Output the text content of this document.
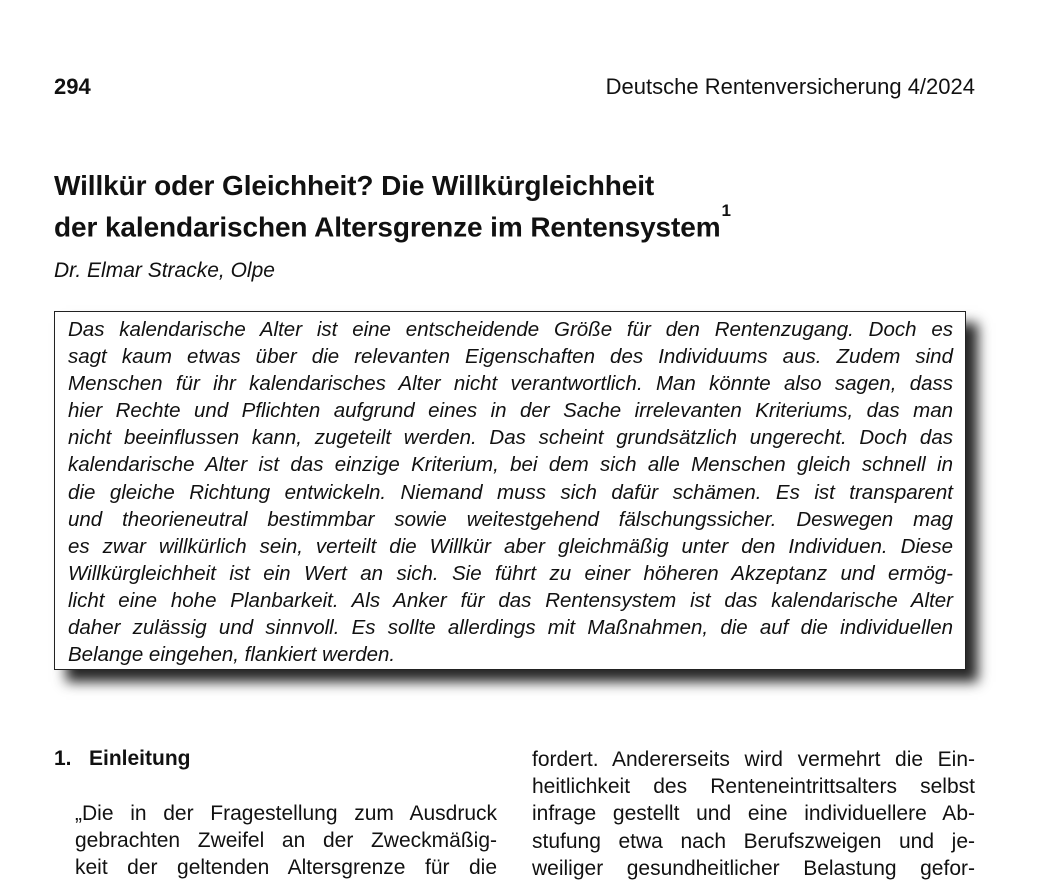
294	Deutsche Rentenversicherung 4/2024
Willkür oder Gleichheit? Die Willkürgleichheit
der kalendarischen Altersgrenze im Rentensystem$^1$
Dr. Elmar Stracke, Olpe
Das kalendarische Alter ist eine entscheidende Größe für den Rentenzugang. Doch es
sagt kaum etwas über die relevanten Eigenschaften des Individuums aus. Zudem sind
Menschen für ihr kalendarisches Alter nicht verantwortlich. Man könnte also sagen, dass
hier Rechte und Pflichten aufgrund eines in der Sache irrelevanten Kriteriums, das man
nicht beeinflussen kann, zugeteilt werden. Das scheint grundsätzlich ungerecht. Doch das
kalendarische Alter ist das einzige Kriterium, bei dem sich alle Menschen gleich schnell in
die gleiche Richtung entwickeln. Niemand muss sich dafür schämen. Es ist transparent
und theorieneutral bestimmbar sowie weitestgehend fälschungssicher. Deswegen mag
es zwar willkürlich sein, verteilt die Willkür aber gleichmäßig unter den Individuen. Diese
Willkürgleichheit ist ein Wert an sich. Sie führt zu einer höheren Akzeptanz und ermög-
licht eine hohe Planbarkeit. Als Anker für das Rentensystem ist das kalendarische Alter
daher zulässig und sinnvoll. Es sollte allerdings mit Maßnahmen, die auf die individuellen
Belange eingehen, flankiert werden.
1. Einleitung
„Die in der Fragestellung zum Ausdruck
gebrachten Zweifel an der Zweckmäßig-
keit der geltenden Altersgrenze für die
fordert. Andererseits wird vermehrt die Ein-
heitlichkeit des Renteneintrittsalters selbst
infrage gestellt und eine individuellere Ab-
stufung etwa nach Berufszweigen und je-
weiliger gesundheitlicher Belastung gefor-
